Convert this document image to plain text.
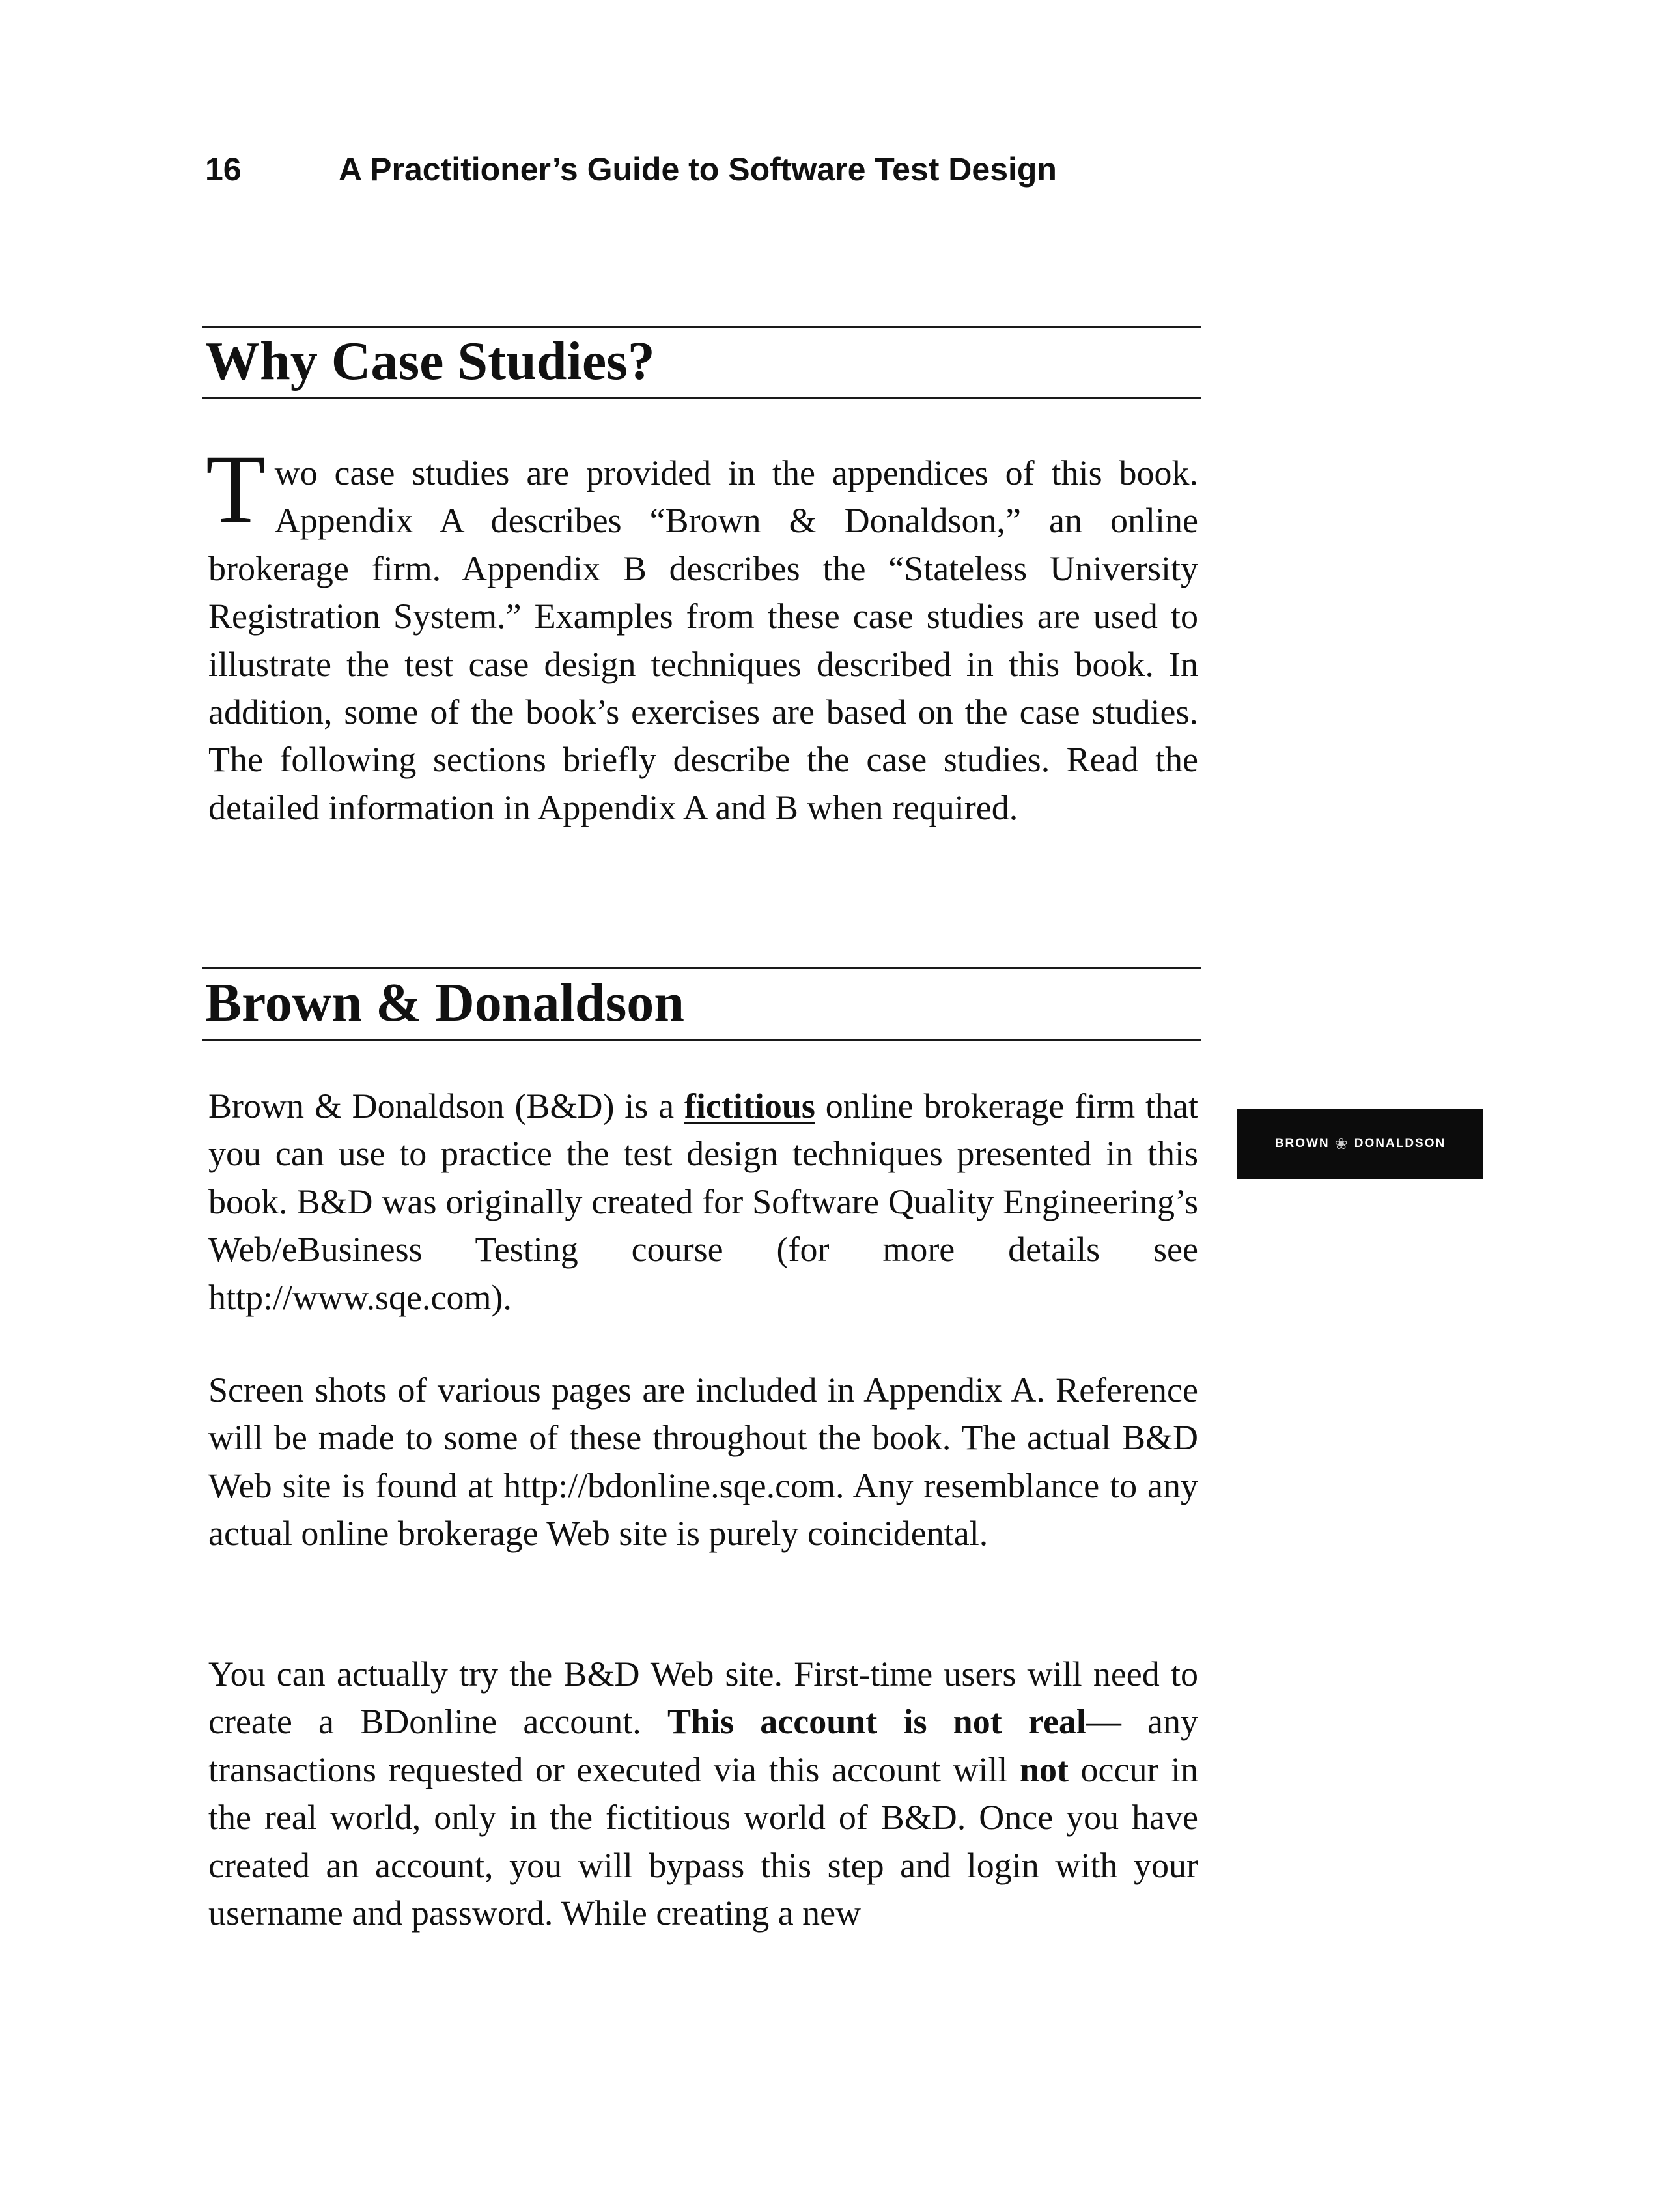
16	A Practitioner’s Guide to Software Test Design
Why Case Studies?

Two case studies are provided in the appendices of this book. Appendix A describes “Brown & Donaldson,” an online brokerage firm. Appendix B describes the “Stateless University Registration System.” Examples from these case studies are used to illustrate the test case design techniques described in this book. In addition, some of the book’s exercises are based on the case studies. The following sections briefly describe the case studies. Read the detailed information in Appendix A and B when required.

Brown & Donaldson

Brown & Donaldson (B&D) is a fictitious online brokerage firm that you can use to practice the test design techniques presented in this book. B&D was originally created for Software Quality Engineering’s Web/eBusiness Testing course (for more details see http://www.sqe.com).

Screen shots of various pages are included in Appendix A. Reference will be made to some of these throughout the book. The actual B&D Web site is found at http://bdonline.sqe.com. Any resemblance to any actual online brokerage Web site is purely coincidental.

You can actually try the B&D Web site. First-time users will need to create a BDonline account. This account is not real— any transactions requested or executed via this account will not occur in the real world, only in the fictitious world of B&D. Once you have created an account, you will bypass this step and login with your username and password. While creating a new

BROWN ❀ DONALDSON
